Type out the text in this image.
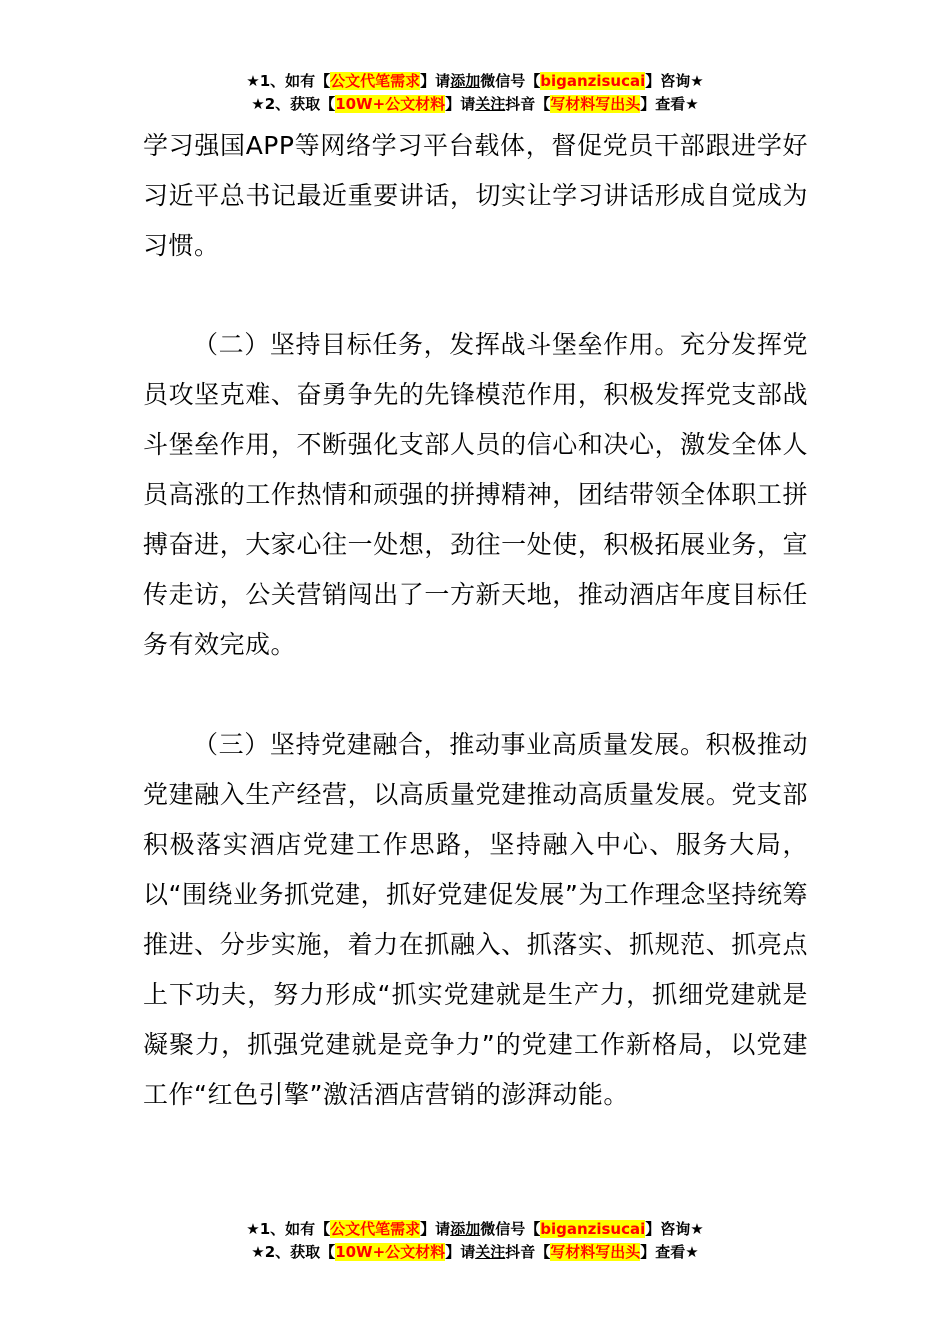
★1、如有【公文代笔需求】请添加微信号【biganzisucai】咨询★
★2、获取【10W+公文材料】请关注抖音【写材料写出头】查看★

学习强国APP等网络学习平台载体，督促党员干部跟进学好习近平总书记最近重要讲话，切实让学习讲话形成自觉成为习惯。

（二）坚持目标任务，发挥战斗堡垒作用。充分发挥党员攻坚克难、奋勇争先的先锋模范作用，积极发挥党支部战斗堡垒作用，不断强化支部人员的信心和决心，激发全体人员高涨的工作热情和顽强的拼搏精神，团结带领全体职工拼搏奋进，大家心往一处想，劲往一处使，积极拓展业务，宣传走访，公关营销闯出了一方新天地，推动酒店年度目标任务有效完成。

（三）坚持党建融合，推动事业高质量发展。积极推动党建融入生产经营，以高质量党建推动高质量发展。党支部积极落实酒店党建工作思路，坚持融入中心、服务大局，以“围绕业务抓党建，抓好党建促发展”为工作理念坚持统筹推进、分步实施，着力在抓融入、抓落实、抓规范、抓亮点上下功夫，努力形成“抓实党建就是生产力，抓细党建就是凝聚力，抓强党建就是竞争力”的党建工作新格局，以党建工作“红色引擎”激活酒店营销的澎湃动能。

★1、如有【公文代笔需求】请添加微信号【biganzisucai】咨询★
★2、获取【10W+公文材料】请关注抖音【写材料写出头】查看★
